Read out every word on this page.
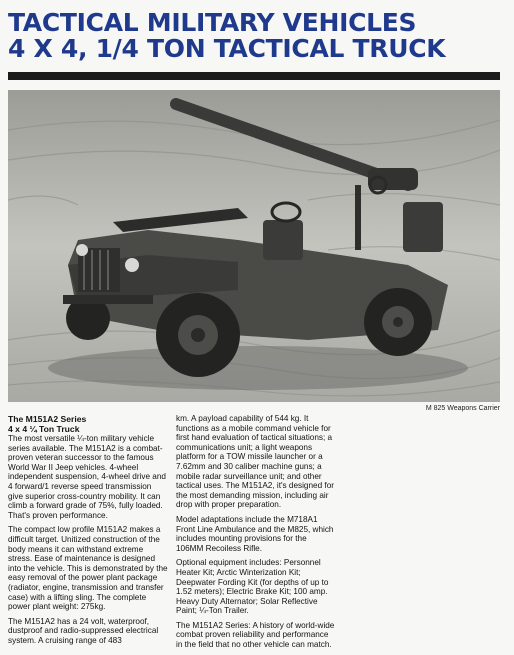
TACTICAL MILITARY VEHICLES
4 X 4, 1/4 TON TACTICAL TRUCK
M 825 Weapons Carrier
The M151A2 Series
4 x 4 ¼ Ton Truck

The most versatile ¼-ton military vehicle series available. The M151A2 is a combat-proven veteran successor to the famous World War II Jeep vehicles. 4-wheel independent suspension, 4-wheel drive and 4 forward/1 reverse speed transmission give superior cross-country mobility. It can climb a forward grade of 75%, fully loaded. That's proven performance.

The compact low profile M151A2 makes a difficult target. Unitized construction of the body means it can withstand extreme stress. Ease of maintenance is designed into the vehicle. This is demonstrated by the easy removal of the power plant package (radiator, engine, transmission and transfer case) with a lifting sling. The complete power plant weight: 275kg.

The M151A2 has a 24 volt, waterproof, dustproof and radio-suppressed electrical system. A cruising range of 483

km. A payload capability of 544 kg. It functions as a mobile command vehicle for first hand evaluation of tactical situations; a communications unit; a light weapons platform for a TOW missile launcher or a 7.62mm and 30 caliber machine guns; a mobile radar surveillance unit; and other tactical uses. The M151A2, it's designed for the most demanding mission, including air drop with proper preparation.

Model adaptations include the M718A1 Front Line Ambulance and the M825, which includes mounting provisions for the 106MM Recoiless Rifle.

Optional equipment includes: Personnel Heater Kit; Arctic Winterization Kit; Deepwater Fording Kit (for depths of up to 1.52 meters); Electric Brake Kit; 100 amp. Heavy Duty Alternator; Solar Reflective Paint; ¼-Ton Trailer.

The M151A2 Series: A history of world-wide combat proven reliability and performance in the field that no other vehicle can match.
